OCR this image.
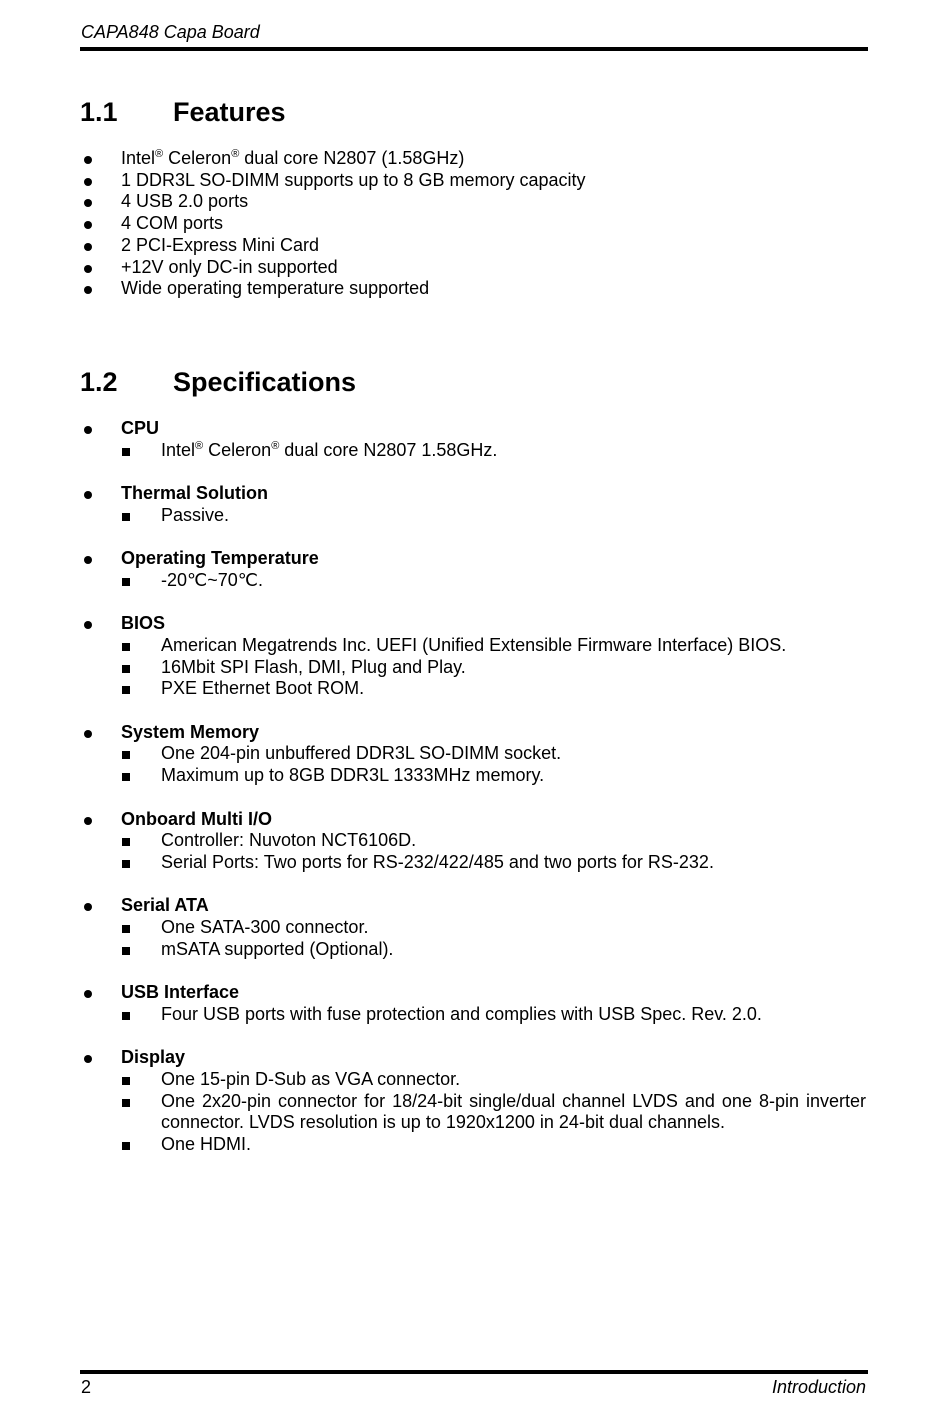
CAPA848 Capa Board
1.1 Features
Intel® Celeron® dual core N2807 (1.58GHz)
1 DDR3L SO-DIMM supports up to 8 GB memory capacity
4 USB 2.0 ports
4 COM ports
2 PCI-Express Mini Card
+12V only DC-in supported
Wide operating temperature supported
1.2 Specifications
CPU
Intel® Celeron® dual core N2807 1.58GHz.
Thermal Solution
Passive.
Operating Temperature
-20℃~70℃.
BIOS
American Megatrends Inc. UEFI (Unified Extensible Firmware Interface) BIOS.
16Mbit SPI Flash, DMI, Plug and Play.
PXE Ethernet Boot ROM.
System Memory
One 204-pin unbuffered DDR3L SO-DIMM socket.
Maximum up to 8GB DDR3L 1333MHz memory.
Onboard Multi I/O
Controller: Nuvoton NCT6106D.
Serial Ports: Two ports for RS-232/422/485 and two ports for RS-232.
Serial ATA
One SATA-300 connector.
mSATA supported (Optional).
USB Interface
Four USB ports with fuse protection and complies with USB Spec. Rev. 2.0.
Display
One 15-pin D-Sub as VGA connector.
One 2x20-pin connector for 18/24-bit single/dual channel LVDS and one 8-pin inverter connector. LVDS resolution is up to 1920x1200 in 24-bit dual channels.
One HDMI.
2	Introduction
